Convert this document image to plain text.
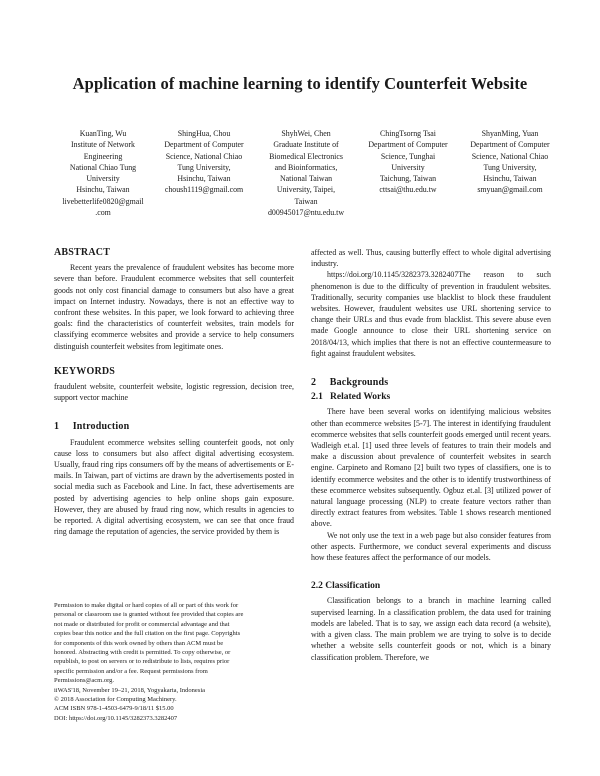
Application of machine learning to identify Counterfeit Website
KuanTing, Wu
Institute of Network
Engineering
National Chiao Tung
University
Hsinchu, Taiwan
livebetterlife0820@gmail
.com
ShingHua, Chou
Department of Computer
Science, National Chiao
Tung University,
Hsinchu, Taiwan
choush1119@gmail.com
ShyhWei, Chen
Graduate Institute of
Biomedical Electronics
and Bioinformatics,
National Taiwan
University, Taipei,
Taiwan
d00945017@ntu.edu.tw
ChingTsorng Tsai
Department of Computer
Science, Tunghai
University
Taichung, Taiwan
cttsai@thu.edu.tw
ShyanMing, Yuan
Department of Computer
Science, National Chiao
Tung University,
Hsinchu, Taiwan
smyuan@gmail.com
ABSTRACT

Recent years the prevalence of fraudulent websites has become more severe than before. Fraudulent ecommerce websites that sell counterfeit goods not only cost financial damage to consumers but also have a great impact on Internet industry. Nowadays, there is not an effective way to confront these websites. In this paper, we look forward to achieving three goals: find the characteristics of counterfeit websites, train models for classifying ecommerce websites and provide a service to help consumers distinguish counterfeit websites from legitimate ones.

KEYWORDS

fraudulent website, counterfeit website, logistic regression, decision tree, support vector machine

1     Introduction

Fraudulent ecommerce websites selling counterfeit goods, not only cause loss to consumers but also affect digital advertising ecosystem. Usually, fraud ring rips consumers off by the means of advertisements or E-mails. In Taiwan, part of victims are drawn by the advertisements posted in social media such as Facebook and Line. In fact, these advertisements are posted by advertising agencies to help online shops gain exposure. However, they are abused by fraud ring now, which results in agencies to be reported. A digital advertising ecosystem, we can see that once fraud ring damage the reputation of agencies, the service provided by them is

Permission to make digital or hard copies of all or part of this work for

personal or classroom use is granted without fee provided that copies are

not made or distributed for profit or commercial advantage and that

copies bear this notice and the full citation on the first page. Copyrights

for components of this work owned by others than ACM must be

honored. Abstracting with credit is permitted. To copy otherwise, or

republish, to post on servers or to redistribute to lists, requires prior

specific permission and/or a fee. Request permissions from

Permissions@acm.org.

iiWAS'18, November 19–21, 2018, Yogyakarta, Indonesia

© 2018 Association for Computing Machinery.

ACM ISBN 978-1-4503-6479-9/18/11 $15.00

DOI: https://doi.org/10.1145/3282373.3282407

affected as well. Thus, causing butterfly effect to whole digital advertising industry.

https://doi.org/10.1145/3282373.3282407The reason to such phenomenon is due to the difficulty of prevention in fraudulent websites. Traditionally, security companies use blacklist to block these fraudulent websites. However, fraudulent websites use URL shortening service to change their URLs and thus evade from blacklist. This severe abuse even made Google announce to close their URL shortening service on 2018/04/13, which implies that there is not an effective countermeasure to fight against fraudulent websites.

2     Backgrounds
2.1   Related Works

There have been several works on identifying malicious websites other than ecommerce websites [5-7]. The interest in identifying fraudulent ecommerce websites that sells counterfeit goods emerged until recent years. Wadleigh et.al. [1] used three levels of features to train their models and make a discussion about prevalence of counterfeit websites in search engine. Carpineto and Romano [2] built two types of classifiers, one is to identify ecommerce websites and the other is to identify trustworthiness of these ecommerce websites subsequently. Ogbuz et.al. [3] utilized power of natural language processing (NLP) to create feature vectors rather than directly extract features from websites. Table 1 shows research mentioned above.

We not only use the text in a web page but also consider features from other aspects. Furthermore, we conduct several experiments and discuss how these features affect the performance of our models.

2.2 Classification

Classification belongs to a branch in machine learning called supervised learning. In a classification problem, the data used for training models are labeled. That is to say, we assign each data record (a website), with a given class. The main problem we are trying to solve is to decide whether a website sells counterfeit goods or not, which is a binary classification problem. Therefore, we
